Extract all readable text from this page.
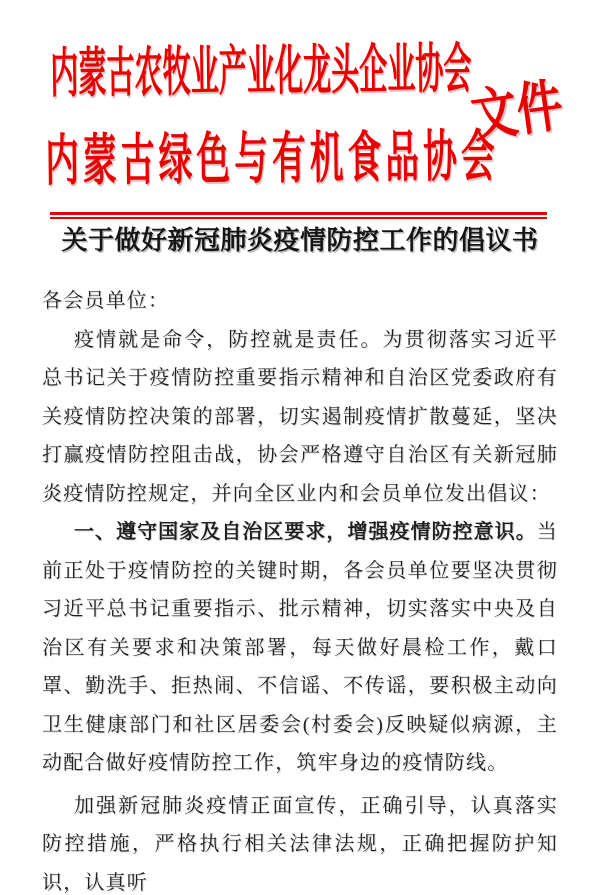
内蒙古农牧业产业化龙头企业协会
文件
内蒙古绿色与有机食品协会
关于做好新冠肺炎疫情防控工作的倡议书

各会员单位：

疫情就是命令，防控就是责任。为贯彻落实习近平总书记关于疫情防控重要指示精神和自治区党委政府有关疫情防控决策的部署，切实遏制疫情扩散蔓延，坚决打赢疫情防控阻击战，协会严格遵守自治区有关新冠肺炎疫情防控规定，并向全区业内和会员单位发出倡议：

一、遵守国家及自治区要求，增强疫情防控意识。当前正处于疫情防控的关键时期，各会员单位要坚决贯彻习近平总书记重要指示、批示精神，切实落实中央及自治区有关要求和决策部署，每天做好晨检工作，戴口罩、勤洗手、拒热闹、不信谣、不传谣，要积极主动向卫生健康部门和社区居委会(村委会)反映疑似病源，主动配合做好疫情防控工作，筑牢身边的疫情防线。

加强新冠肺炎疫情正面宣传，正确引导，认真落实防控措施，严格执行相关法律法规，正确把握防护知识，认真听
